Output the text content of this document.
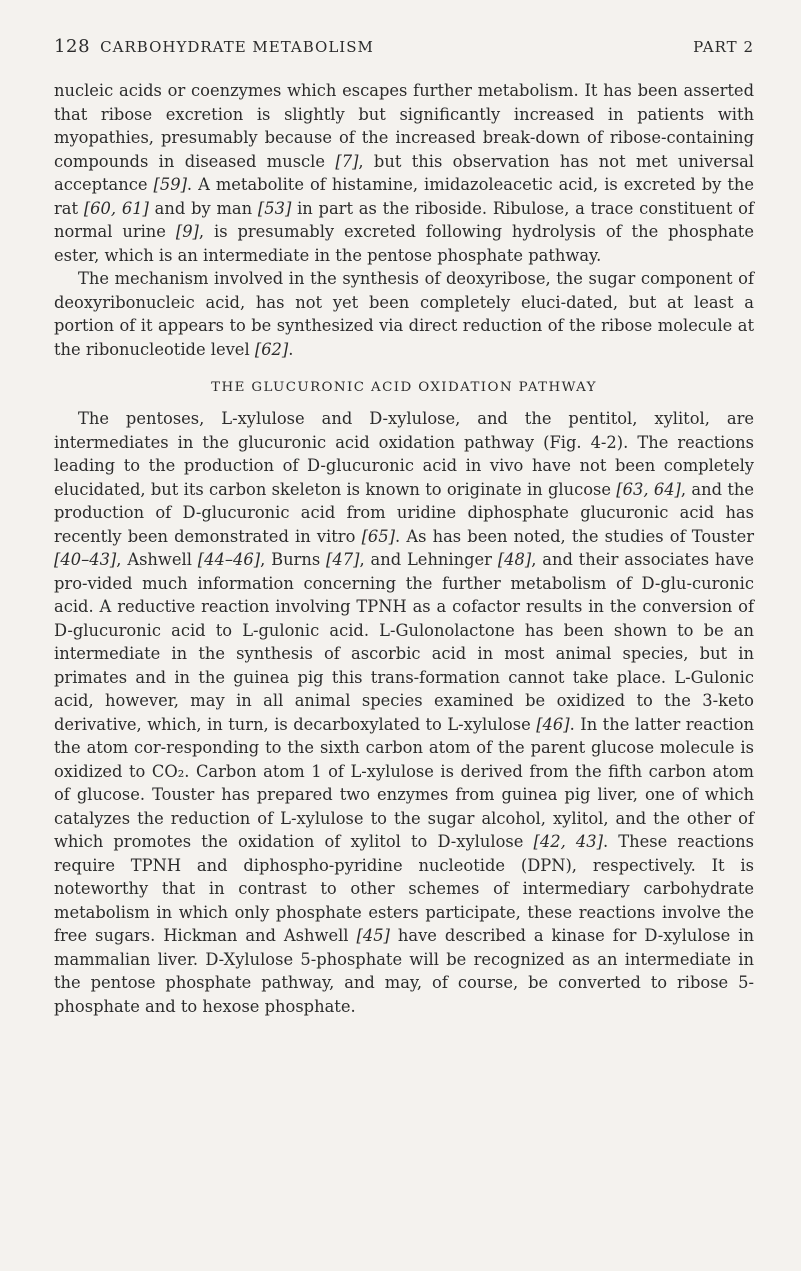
128 CARBOHYDRATE METABOLISM	PART 2

nucleic acids or coenzymes which escapes further metabolism. It has been asserted that ribose excretion is slightly but significantly increased in patients with myopathies, presumably because of the increased break-down of ribose-containing compounds in diseased muscle [7], but this observation has not met universal acceptance [59]. A metabolite of histamine, imidazoleacetic acid, is excreted by the rat [60, 61] and by man [53] in part as the riboside. Ribulose, a trace constituent of normal urine [9], is presumably excreted following hydrolysis of the phosphate ester, which is an intermediate in the pentose phosphate pathway.

The mechanism involved in the synthesis of deoxyribose, the sugar component of deoxyribonucleic acid, has not yet been completely eluci-dated, but at least a portion of it appears to be synthesized via direct reduction of the ribose molecule at the ribonucleotide level [62].

THE GLUCURONIC ACID OXIDATION PATHWAY

The pentoses, L-xylulose and D-xylulose, and the pentitol, xylitol, are intermediates in the glucuronic acid oxidation pathway (Fig. 4-2). The reactions leading to the production of D-glucuronic acid in vivo have not been completely elucidated, but its carbon skeleton is known to originate in glucose [63, 64], and the production of D-glucuronic acid from uridine diphosphate glucuronic acid has recently been demonstrated in vitro [65]. As has been noted, the studies of Touster [40–43], Ashwell [44–46], Burns [47], and Lehninger [48], and their associates have pro-vided much information concerning the further metabolism of D-glu-curonic acid. A reductive reaction involving TPNH as a cofactor results in the conversion of D-glucuronic acid to L-gulonic acid. L-Gulonolactone has been shown to be an intermediate in the synthesis of ascorbic acid in most animal species, but in primates and in the guinea pig this trans-formation cannot take place. L-Gulonic acid, however, may in all animal species examined be oxidized to the 3-keto derivative, which, in turn, is decarboxylated to L-xylulose [46]. In the latter reaction the atom cor-responding to the sixth carbon atom of the parent glucose molecule is oxidized to CO₂. Carbon atom 1 of L-xylulose is derived from the fifth carbon atom of glucose. Touster has prepared two enzymes from guinea pig liver, one of which catalyzes the reduction of L-xylulose to the sugar alcohol, xylitol, and the other of which promotes the oxidation of xylitol to D-xylulose [42, 43]. These reactions require TPNH and diphospho-pyridine nucleotide (DPN), respectively. It is noteworthy that in contrast to other schemes of intermediary carbohydrate metabolism in which only phosphate esters participate, these reactions involve the free sugars. Hickman and Ashwell [45] have described a kinase for D-xylulose in mammalian liver. D-Xylulose 5-phosphate will be recognized as an intermediate in the pentose phosphate pathway, and may, of course, be converted to ribose 5-phosphate and to hexose phosphate.
